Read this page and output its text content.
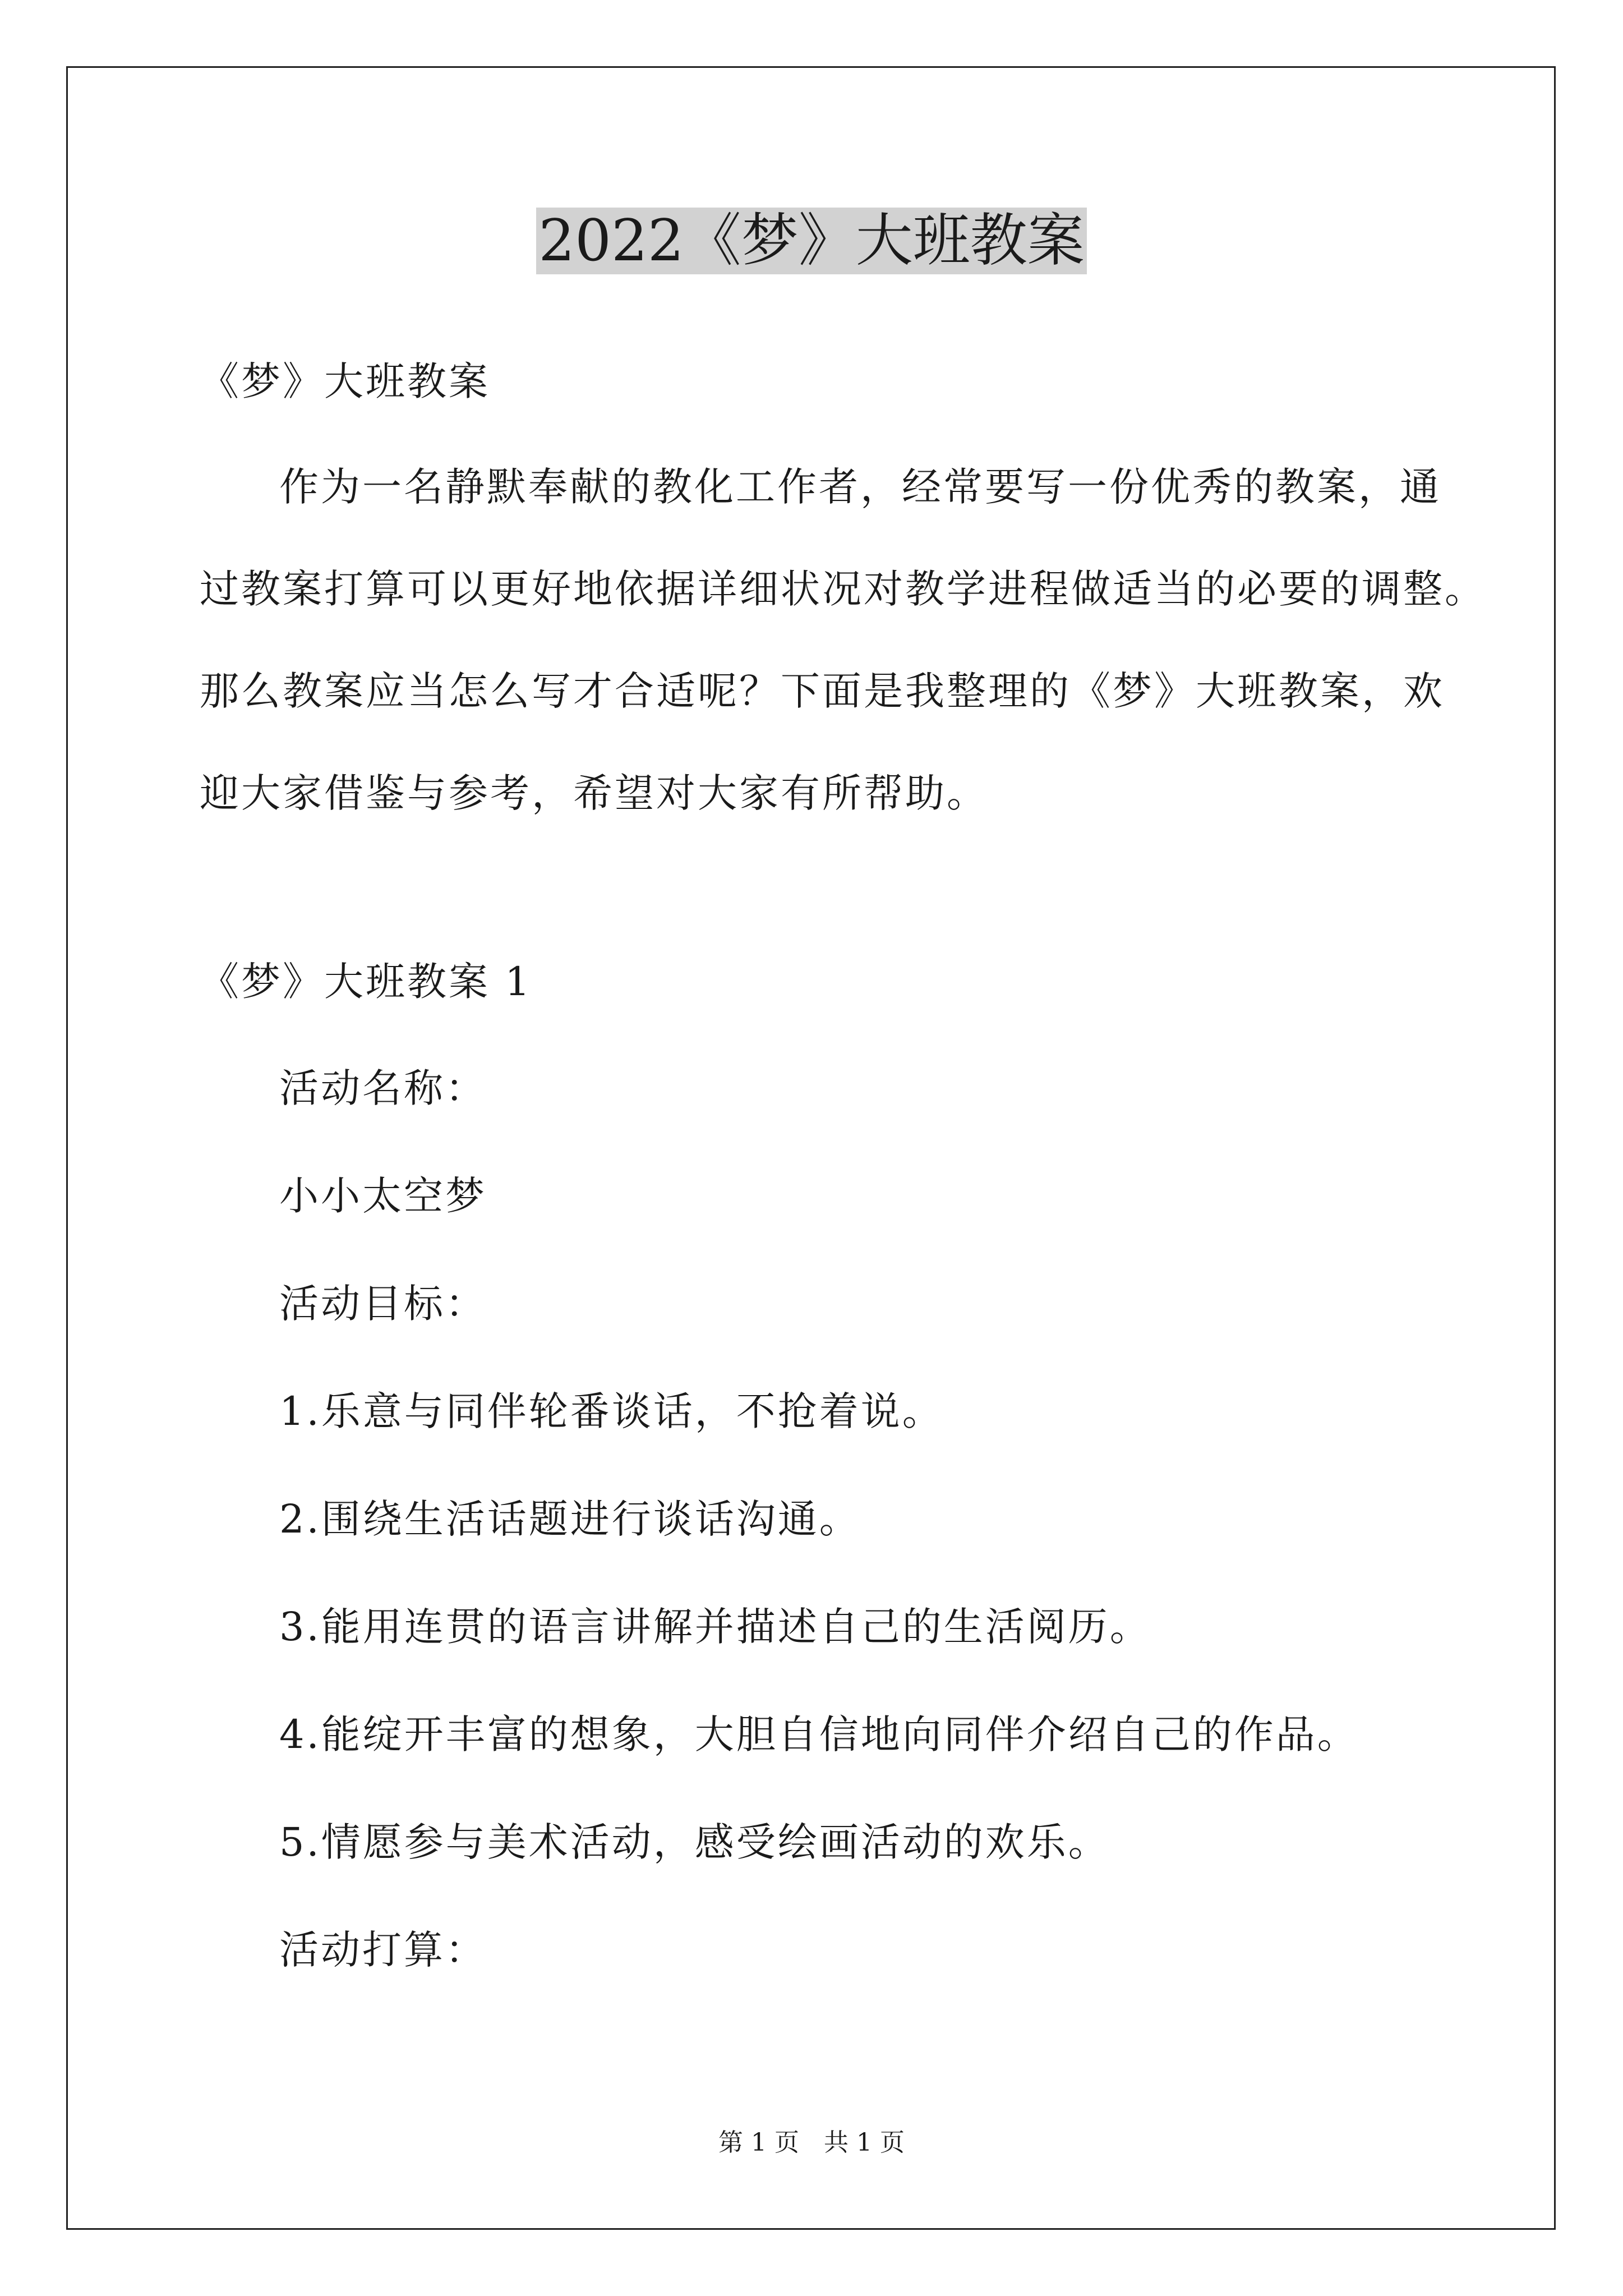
2022《梦》大班教案
《梦》大班教案
作为一名静默奉献的教化工作者，经常要写一份优秀的教案，通
过教案打算可以更好地依据详细状况对教学进程做适当的必要的调整。
那么教案应当怎么写才合适呢？下面是我整理的《梦》大班教案，欢
迎大家借鉴与参考，希望对大家有所帮助。
《梦》大班教案 1
活动名称：
小小太空梦
活动目标：
1.乐意与同伴轮番谈话，不抢着说。
2.围绕生活话题进行谈话沟通。
3.能用连贯的语言讲解并描述自己的生活阅历。
4.能绽开丰富的想象，大胆自信地向同伴介绍自己的作品。
5.情愿参与美术活动，感受绘画活动的欢乐。
活动打算：
第 1 页　共 1 页
